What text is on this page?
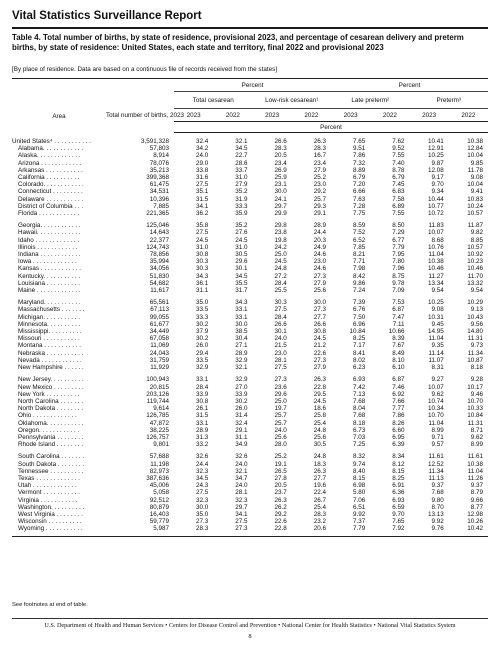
Vital Statistics Surveillance Report
Table 4. Total number of births, by state of residence, provisional 2023, and percentage of cesarean delivery and preterm births, by state of residence: United States, each state and territory, final 2022 and provisional 2023
[By place of residence. Data are based on a continuous file of records received from the states]
Area	Total number of births, 2023	Percent				Percent			
		Total cesarean		Low-risk cesarean¹		Late preterm²		Preterm³	
		2023	2022	2023	2022	2023	2022	2023	2022
		Percent							
United States⁴ . . . . . . . . . . .	3,591,328	32.4	32.1	26.6	26.3	7.65	7.62	10.41	10.38
Alabama. . . . . . . . . . . .	57,803	34.2	34.5	28.3	28.3	9.51	9.52	12.91	12.84
Alaska. . . . . . . . . . . . .	8,914	24.0	22.7	20.5	16.7	7.86	7.55	10.25	10.04
Arizona . . . . . . . . . . . .	78,076	29.0	28.6	23.4	23.4	7.32	7.40	9.87	9.85
Arkansas . . . . . . . . . . .	35,213	33.8	33.7	26.9	27.9	8.89	8.78	12.08	11.78
California . . . . . . . . . .	399,368	31.6	31.0	25.9	25.2	6.79	6.79	9.17	9.08
Colorado. . . . . . . . . . . .	61,475	27.5	27.9	23.1	23.0	7.20	7.45	9.70	10.04
Connecticut . . . . . . . . .	34,531	35.1	35.2	30.0	29.2	6.66	6.83	9.34	9.41
Delaware . . . . . . . . . . .	10,396	31.5	31.9	24.1	25.7	7.63	7.58	10.44	10.83
District of Columbia . . .	7,885	34.1	33.3	29.7	29.3	7.28	6.89	10.77	10.24
Florida . . . . . . . . . . . .	221,365	36.2	35.9	29.9	29.1	7.75	7.55	10.72	10.57
Georgia. . . . . . . . . . . .	125,046	35.8	35.2	29.8	28.9	8.59	8.50	11.83	11.87
Hawaii. . . . . . . . . . . . .	14,643	27.5	27.6	23.8	24.4	7.52	7.29	10.07	9.82
Idaho . . . . . . . . . . . . .	22,377	24.5	24.5	19.8	20.3	6.52	6.77	8.68	8.85
Illinois . . . . . . . . . . . .	124,743	31.0	31.0	24.2	24.9	7.85	7.79	10.76	10.57
Indiana . . . . . . . . . . . .	78,856	30.8	30.5	25.0	24.6	8.21	7.95	11.04	10.92
Iowa . . . . . . . . . . . . .	35,994	30.3	29.6	24.5	23.0	7.71	7.80	10.38	10.23
Kansas . . . . . . . . . . . .	34,056	30.3	30.1	24.8	24.6	7.98	7.96	10.46	10.46
Kentucky. . . . . . . . . . .	51,830	34.3	34.5	27.2	27.3	8.42	8.75	11.27	11.70
Louisiana . . . . . . . . . .	54,682	36.1	35.5	28.4	27.9	9.86	9.78	13.34	13.32
Maine . . . . . . . . . . . . .	11,617	31.1	31.7	25.5	25.6	7.24	7.09	9.54	9.54
Maryland. . . . . . . . . . .	65,561	35.0	34.3	30.3	30.0	7.39	7.53	10.25	10.29
Massachusetts . . . . . . .	67,113	33.5	33.1	27.5	27.3	6.76	6.87	9.08	9.13
Michigan. . . . . . . . . . .	99,055	33.3	33.1	28.4	27.7	7.50	7.47	10.31	10.43
Minnesota. . . . . . . . . .	61,677	30.2	30.0	26.6	26.6	6.96	7.11	9.45	9.56
Mississippi. . . . . . . . . .	34,449	37.9	38.5	30.1	30.8	10.84	10.66	14.95	14.80
Missouri . . . . . . . . . . .	67,058	30.2	30.4	24.0	24.5	8.25	8.39	11.04	11.31
Montana . . . . . . . . . . .	11,069	26.0	27.1	21.5	21.2	7.17	7.67	9.35	9.73
Nebraska . . . . . . . . . . .	24,043	29.4	28.9	23.0	22.6	8.41	8.49	11.14	11.34
Nevada . . . . . . . . . . . .	31,759	33.5	32.9	28.1	27.3	8.02	8.10	11.07	10.87
New Hampshire . . . . . .	11,929	32.9	32.1	27.5	27.9	6.23	6.10	8.31	8.18
New Jersey. . . . . . . . . .	100,943	33.1	32.9	27.3	26.3	6.93	6.87	9.27	9.28
New Mexico . . . . . . . . .	20,815	28.4	27.0	23.6	22.8	7.42	7.46	10.07	10.17
New York . . . . . . . . . .	203,126	33.9	33.9	29.6	29.5	7.13	6.92	9.62	9.46
North Carolina . . . . . . .	119,744	30.8	30.2	25.0	24.5	7.68	7.66	10.74	10.70
North Dakota . . . . . . . .	9,614	26.1	26.0	19.7	18.6	8.04	7.77	10.34	10.33
Ohio . . . . . . . . . . . . .	126,785	31.5	31.4	25.7	25.8	7.68	7.86	10.70	10.84
Oklahoma. . . . . . . . . . .	47,872	33.1	32.4	25.7	25.4	8.18	8.26	11.04	11.31
Oregon. . . . . . . . . . . .	38,225	28.9	29.1	24.0	24.8	6.73	6.60	8.99	8.71
Pennsylvania . . . . . . . .	126,757	31.3	31.1	25.6	25.6	7.03	6.95	9.71	9.62
Rhode Island . . . . . . . .	9,801	33.2	34.9	28.0	30.5	7.25	6.39	9.57	8.99
South Carolina . . . . . . .	57,688	32.6	32.6	25.2	24.8	8.32	8.34	11.61	11.61
South Dakota . . . . . . . .	11,198	24.4	24.0	19.1	18.3	9.74	8.12	12.52	10.38
Tennessee . . . . . . . . . .	82,973	32.3	32.1	26.5	26.3	8.40	8.15	11.34	11.04
Texas . . . . . . . . . . . . .	387,636	34.5	34.7	27.8	27.7	8.15	8.25	11.13	11.26
Utah . . . . . . . . . . . . .	45,006	24.3	24.0	20.5	19.6	6.98	6.91	9.37	9.37
Vermont . . . . . . . . . . .	5,058	27.5	28.1	23.7	22.4	5.80	6.36	7.68	8.79
Virginia . . . . . . . . . . .	92,512	32.3	32.3	26.3	26.7	7.06	6.93	9.80	9.66
Washington. . . . . . . . . .	80,879	30.0	29.7	26.2	25.4	6.51	6.59	8.70	8.77
West Virginia . . . . . . . .	16,403	35.0	34.1	29.2	28.3	9.92	9.70	13.13	12.98
Wisconsin . . . . . . . . . .	59,779	27.3	27.5	22.6	23.2	7.37	7.65	9.92	10.26
Wyoming . . . . . . . . . . .	5,987	28.3	27.3	22.8	20.6	7.79	7.92	9.76	10.42

See footnotes at end of table.
U.S. Department of Health and Human Services • Centers for Disease Control and Prevention • National Center for Health Statistics • National Vital Statistics System
8
